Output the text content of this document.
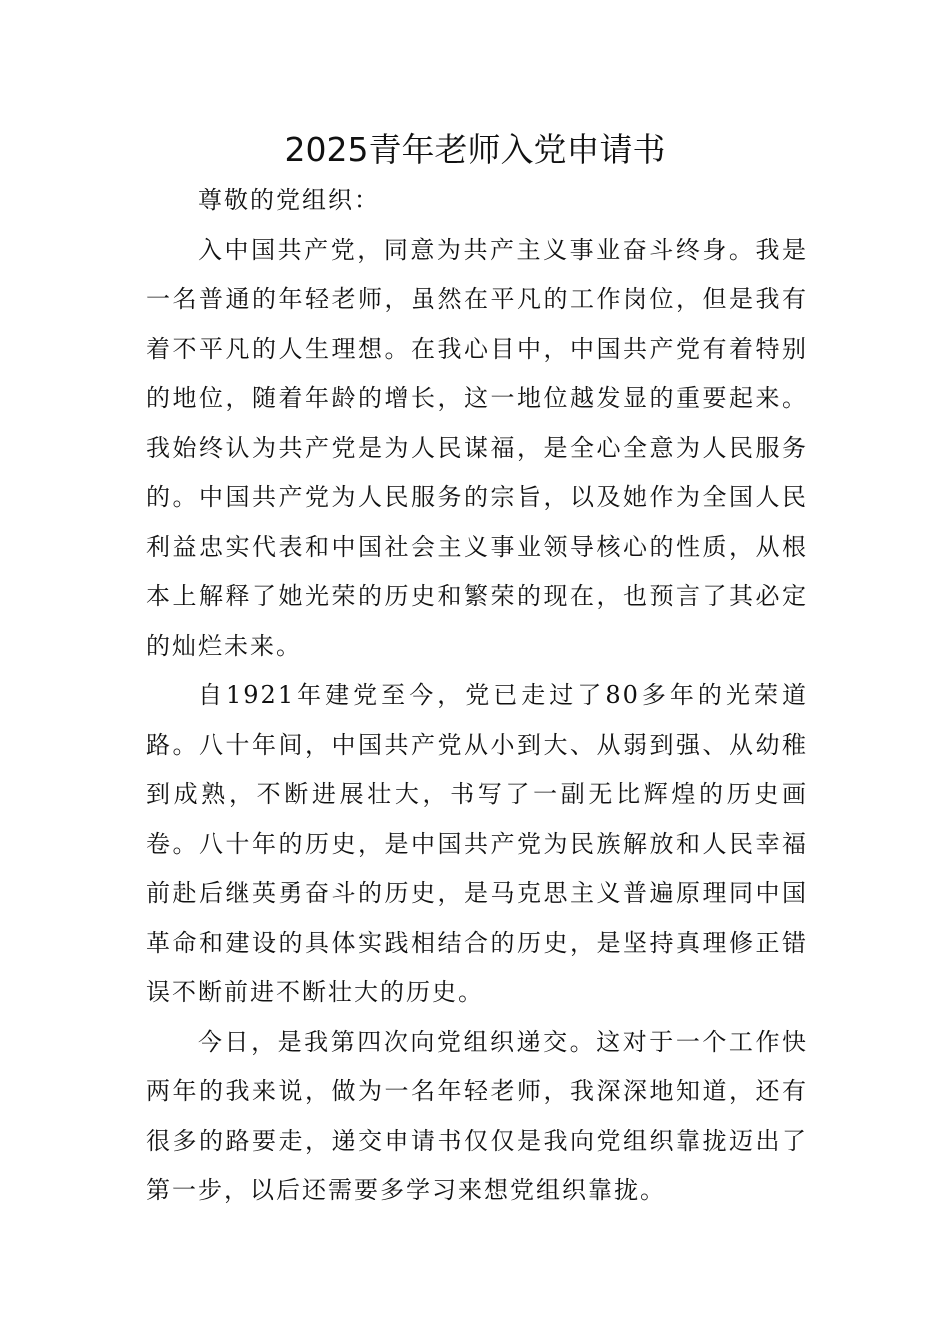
2025青年老师入党申请书

尊敬的党组织：

入中国共产党，同意为共产主义事业奋斗终身。我是一名普通的年轻老师，虽然在平凡的工作岗位，但是我有着不平凡的人生理想。在我心目中，中国共产党有着特别的地位，随着年龄的增长，这一地位越发显的重要起来。我始终认为共产党是为人民谋福，是全心全意为人民服务的。中国共产党为人民服务的宗旨，以及她作为全国人民利益忠实代表和中国社会主义事业领导核心的性质，从根本上解释了她光荣的历史和繁荣的现在，也预言了其必定的灿烂未来。

自1921年建党至今，党已走过了80多年的光荣道路。八十年间，中国共产党从小到大、从弱到强、从幼稚到成熟，不断进展壮大，书写了一副无比辉煌的历史画卷。八十年的历史，是中国共产党为民族解放和人民幸福前赴后继英勇奋斗的历史，是马克思主义普遍原理同中国革命和建设的具体实践相结合的历史，是坚持真理修正错误不断前进不断壮大的历史。

今日，是我第四次向党组织递交。这对于一个工作快两年的我来说，做为一名年轻老师，我深深地知道，还有很多的路要走，递交申请书仅仅是我向党组织靠拢迈出了第一步，以后还需要多学习来想党组织靠拢。
